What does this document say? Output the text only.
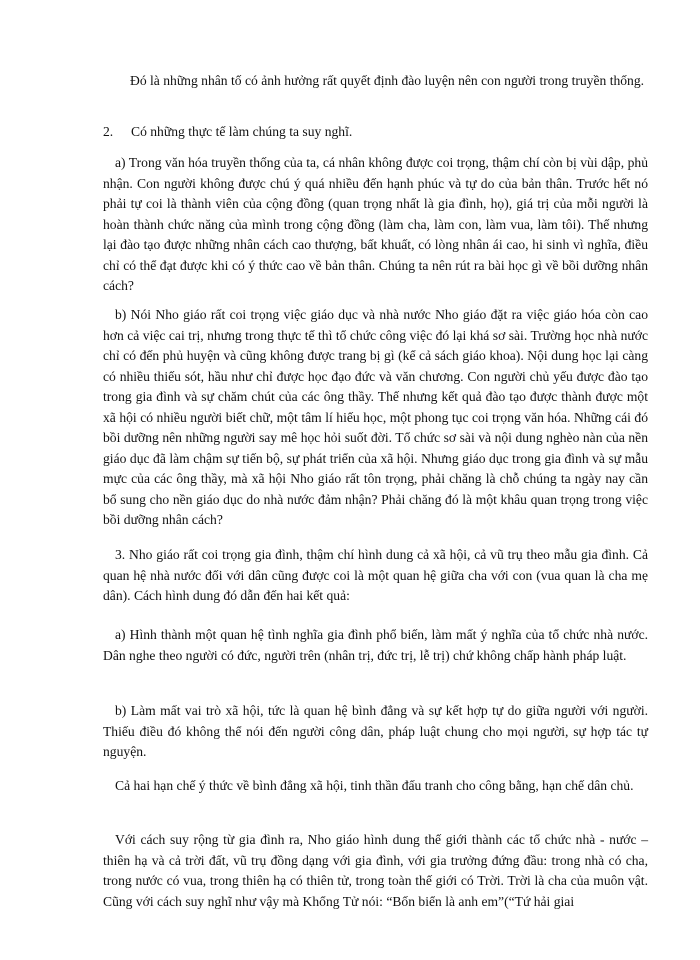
Đó là những nhân tố có ảnh hưởng rất quyết định đào luyện nên con người trong truyền thống.

2. Có những thực tế làm chúng ta suy nghĩ.

a) Trong văn hóa truyền thống của ta, cá nhân không được coi trọng, thậm chí còn bị vùi dập, phủ nhận. Con người không được chú ý quá nhiều đến hạnh phúc và tự do của bản thân. Trước hết nó phải tự coi là thành viên của cộng đồng (quan trọng nhất là gia đình, họ), giá trị của mỗi người là hoàn thành chức năng của mình trong cộng đồng (làm cha, làm con, làm vua, làm tôi). Thế nhưng lại đào tạo được những nhân cách cao thượng, bất khuất, có lòng nhân ái cao, hi sinh vì nghĩa, điều chỉ có thể đạt được khi có ý thức cao về bản thân. Chúng ta nên rút ra bài học gì về bồi dưỡng nhân cách?

b) Nói Nho giáo rất coi trọng việc giáo dục và nhà nước Nho giáo đặt ra việc giáo hóa còn cao hơn cả việc cai trị, nhưng trong thực tế thì tổ chức công việc đó lại khá sơ sài. Trường học nhà nước chỉ có đến phủ huyện và cũng không được trang bị gì (kể cả sách giáo khoa). Nội dung học lại càng có nhiều thiếu sót, hầu như chỉ được học đạo đức và văn chương. Con người chủ yếu được đào tạo trong gia đình và sự chăm chút của các ông thầy. Thế nhưng kết quả đào tạo được thành được một xã hội có nhiều người biết chữ, một tâm lí hiếu học, một phong tục coi trọng văn hóa. Những cái đó bồi dưỡng nên những người say mê học hỏi suốt đời. Tổ chức sơ sài và nội dung nghèo nàn của nền giáo dục đã làm chậm sự tiến bộ, sự phát triển của xã hội. Nhưng giáo dục trong gia đình và sự mẫu mực của các ông thầy, mà xã hội Nho giáo rất tôn trọng, phải chăng là chỗ chúng ta ngày nay cần bổ sung cho nền giáo dục do nhà nước đảm nhận? Phải chăng đó là một khâu quan trọng trong việc bồi dưỡng nhân cách?

3. Nho giáo rất coi trọng gia đình, thậm chí hình dung cả xã hội, cả vũ trụ theo mẫu gia đình. Cả quan hệ nhà nước đối với dân cũng được coi là một quan hệ giữa cha với con (vua quan là cha mẹ dân). Cách hình dung đó dẫn đến hai kết quả:

a) Hình thành một quan hệ tình nghĩa gia đình phổ biến, làm mất ý nghĩa của tổ chức nhà nước. Dân nghe theo người có đức, người trên (nhân trị, đức trị, lễ trị) chứ không chấp hành pháp luật.

b) Làm mất vai trò xã hội, tức là quan hệ bình đẳng và sự kết hợp tự do giữa người với người. Thiếu điều đó không thể nói đến người công dân, pháp luật chung cho mọi người, sự hợp tác tự nguyện.

Cả hai hạn chế ý thức về bình đẳng xã hội, tinh thần đấu tranh cho công bằng, hạn chế dân chủ.

Với cách suy rộng từ gia đình ra, Nho giáo hình dung thế giới thành các tổ chức nhà - nước – thiên hạ và cả trời đất, vũ trụ đồng dạng với gia đình, với gia trưởng đứng đầu: trong nhà có cha, trong nước có vua, trong thiên hạ có thiên tử, trong toàn thế giới có Trời. Trời là cha của muôn vật. Cũng với cách suy nghĩ như vậy mà Khổng Tử nói: “Bốn biển là anh em”(“Tứ hải giai
